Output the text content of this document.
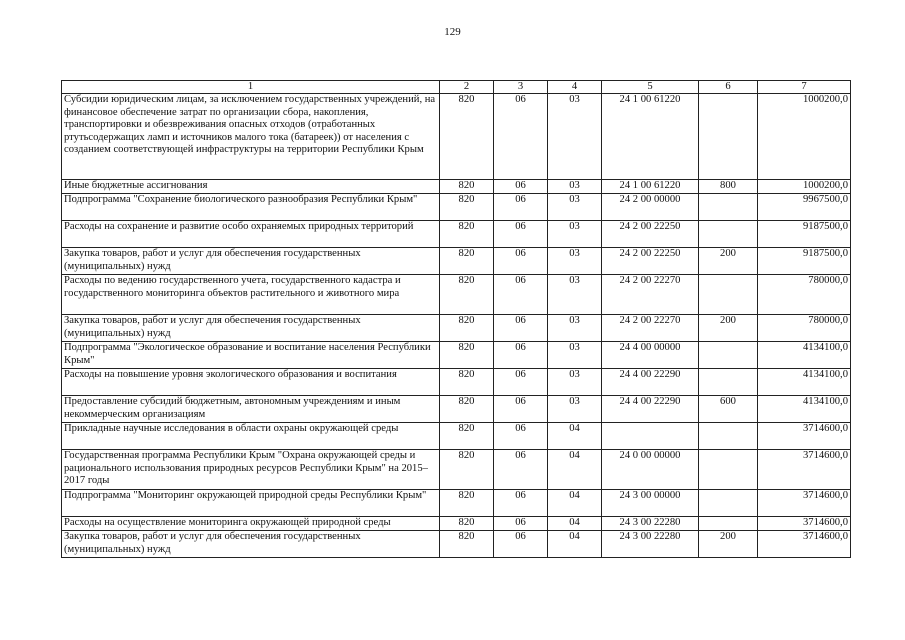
129
1	2	3	4	5	6	7
Субсидии юридическим лицам, за исключением государственных учреждений, на финансовое обеспечение затрат по организации сбора, накопления, транспортировки и обезвреживания опасных отходов (отработанных ртутьсодержащих ламп и источников малого тока (батареек)) от населения с созданием соответствующей инфраструктуры на территории Республики Крым	820	06	03	24 1 00 61220		1000200,0
Иные бюджетные ассигнования	820	06	03	24 1 00 61220	800	1000200,0
Подпрограмма "Сохранение биологического разнообразия Республики Крым"	820	06	03	24 2 00 00000		9967500,0
Расходы на сохранение и развитие особо охраняемых природных территорий	820	06	03	24 2 00 22250		9187500,0
Закупка товаров, работ и услуг для обеспечения государственных (муниципальных) нужд	820	06	03	24 2 00 22250	200	9187500,0
Расходы по ведению государственного учета, государственного кадастра и государственного мониторинга объектов растительного и животного мира	820	06	03	24 2 00 22270		780000,0
Закупка товаров, работ и услуг для обеспечения государственных (муниципальных) нужд	820	06	03	24 2 00 22270	200	780000,0
Подпрограмма "Экологическое образование и воспитание населения Республики Крым"	820	06	03	24 4 00 00000		4134100,0
Расходы на повышение уровня экологического образования и воспитания	820	06	03	24 4 00 22290		4134100,0
Предоставление субсидий бюджетным, автономным учреждениям и иным некоммерческим организациям	820	06	03	24 4 00 22290	600	4134100,0
Прикладные научные исследования в области охраны окружающей среды	820	06	04			3714600,0
Государственная программа Республики Крым "Охрана окружающей среды и рационального использования природных ресурсов Республики Крым" на 2015–2017 годы	820	06	04	24 0 00 00000		3714600,0
Подпрограмма "Мониторинг окружающей природной среды Республики Крым"	820	06	04	24 3 00 00000		3714600,0
Расходы на осуществление мониторинга окружающей природной среды	820	06	04	24 3 00 22280		3714600,0
Закупка товаров, работ и услуг для обеспечения государственных (муниципальных) нужд	820	06	04	24 3 00 22280	200	3714600,0
